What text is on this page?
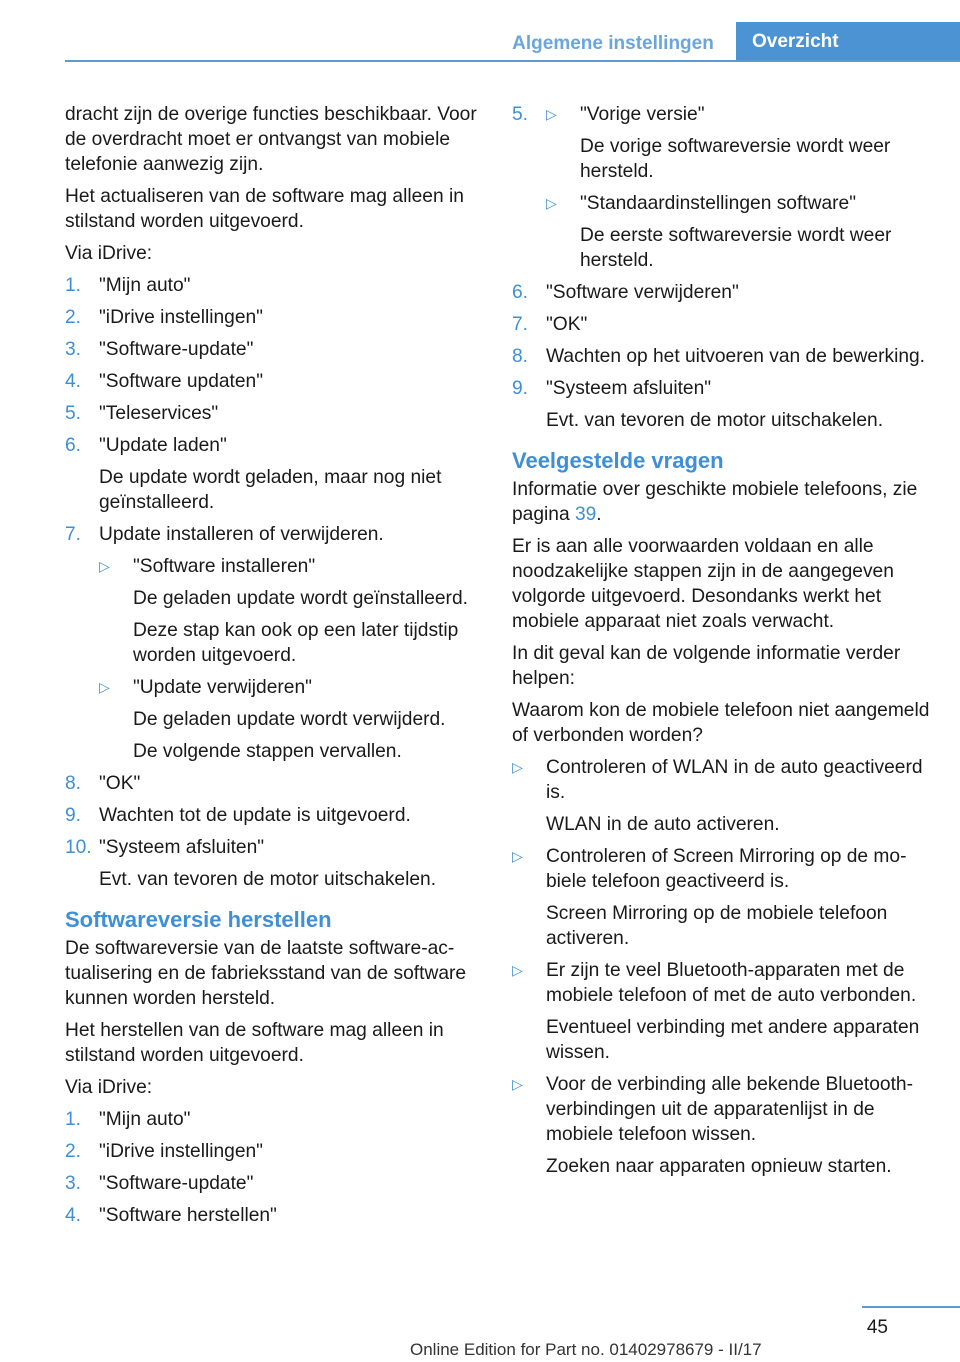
Algemene instellingen	Overzicht

dracht zijn de overige functies beschikbaar. Voor de overdracht moet er ontvangst van mobiele telefonie aanwezig zijn.

Het actualiseren van de software mag alleen in stilstand worden uitgevoerd.

Via iDrive:

1. "Mijn auto"
2. "iDrive instellingen"
3. "Software-update"
4. "Software updaten"
5. "Teleservices"
6. "Update laden"
De update wordt geladen, maar nog niet geïnstalleerd.
7. Update installeren of verwijderen.
▷ "Software installeren"
De geladen update wordt geïnstalleerd.
Deze stap kan ook op een later tijdstip worden uitgevoerd.
▷ "Update verwijderen"
De geladen update wordt verwijderd.
De volgende stappen vervallen.
8. "OK"
9. Wachten tot de update is uitgevoerd.
10. "Systeem afsluiten"
Evt. van tevoren de motor uitschakelen.
Softwareversie herstellen

De softwareversie van de laatste software-actualisering en de fabrieksstand van de software kunnen worden hersteld.

Het herstellen van de software mag alleen in stilstand worden uitgevoerd.

Via iDrive:

1. "Mijn auto"
2. "iDrive instellingen"
3. "Software-update"
4. "Software herstellen"
5. ▷ "Vorige versie"
De vorige softwareversie wordt weer hersteld.
▷ "Standaardinstellingen software"
De eerste softwareversie wordt weer hersteld.
6. "Software verwijderen"
7. "OK"
8. Wachten op het uitvoeren van de bewerking.
9. "Systeem afsluiten"
Evt. van tevoren de motor uitschakelen.
Veelgestelde vragen

Informatie over geschikte mobiele telefoons, zie pagina 39.

Er is aan alle voorwaarden voldaan en alle noodzakelijke stappen zijn in de aangegeven volgorde uitgevoerd. Desondanks werkt het mobiele apparaat niet zoals verwacht.

In dit geval kan de volgende informatie verder helpen:

Waarom kon de mobiele telefoon niet aangemeld of verbonden worden?

▷ Controleren of WLAN in de auto geactiveerd is.
WLAN in de auto activeren.
▷ Controleren of Screen Mirroring op de mobiele telefoon geactiveerd is.
Screen Mirroring op de mobiele telefoon activeren.
▷ Er zijn te veel Bluetooth-apparaten met de mobiele telefoon of met de auto verbonden.
Eventueel verbinding met andere apparaten wissen.
▷ Voor de verbinding alle bekende Bluetooth-verbindingen uit de apparatenlijst in de mobiele telefoon wissen.
Zoeken naar apparaten opnieuw starten.
45
Online Edition for Part no. 01402978679 - II/17
